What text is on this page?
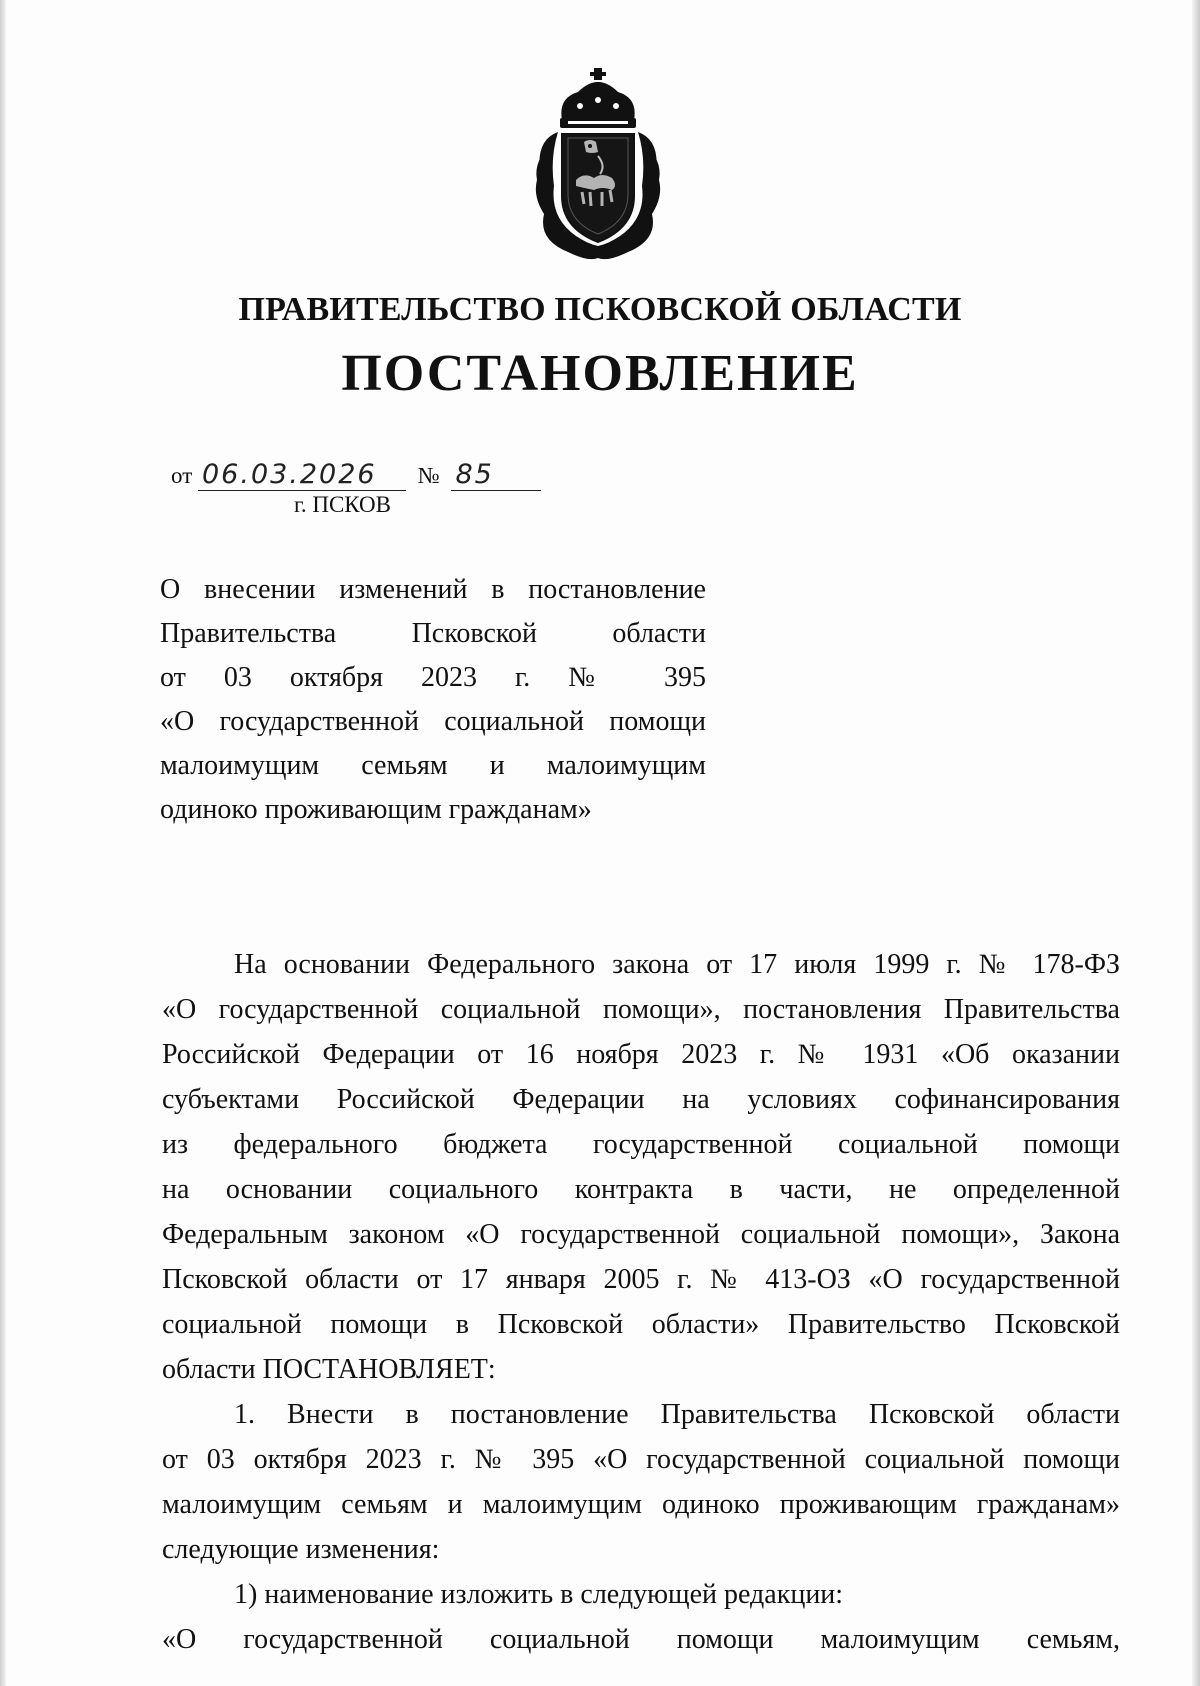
ПРАВИТЕЛЬСТВО ПСКОВСКОЙ ОБЛАСТИ
ПОСТАНОВЛЕНИЕ
от 06.03.2026 № 85
г. ПСКОВ
О внесении изменений в постановление
Правительства Псковской области
от 03 октября 2023 г. № 395
«О государственной социальной помощи
малоимущим семьям и малоимущим
одиноко проживающим гражданам»
На основании Федерального закона от 17 июля 1999 г. № 178-ФЗ
«О государственной социальной помощи», постановления Правительства
Российской Федерации от 16 ноября 2023 г. № 1931 «Об оказании
субъектами Российской Федерации на условиях софинансирования
из федерального бюджета государственной социальной помощи
на основании социального контракта в части, не определенной
Федеральным законом «О государственной социальной помощи», Закона
Псковской области от 17 января 2005 г. № 413-ОЗ «О государственной
социальной помощи в Псковской области» Правительство Псковской
области ПОСТАНОВЛЯЕТ:
1. Внести в постановление Правительства Псковской области
от 03 октября 2023 г. № 395 «О государственной социальной помощи
малоимущим семьям и малоимущим одиноко проживающим гражданам»
следующие изменения:
1) наименование изложить в следующей редакции:
«О государственной социальной помощи малоимущим семьям,
